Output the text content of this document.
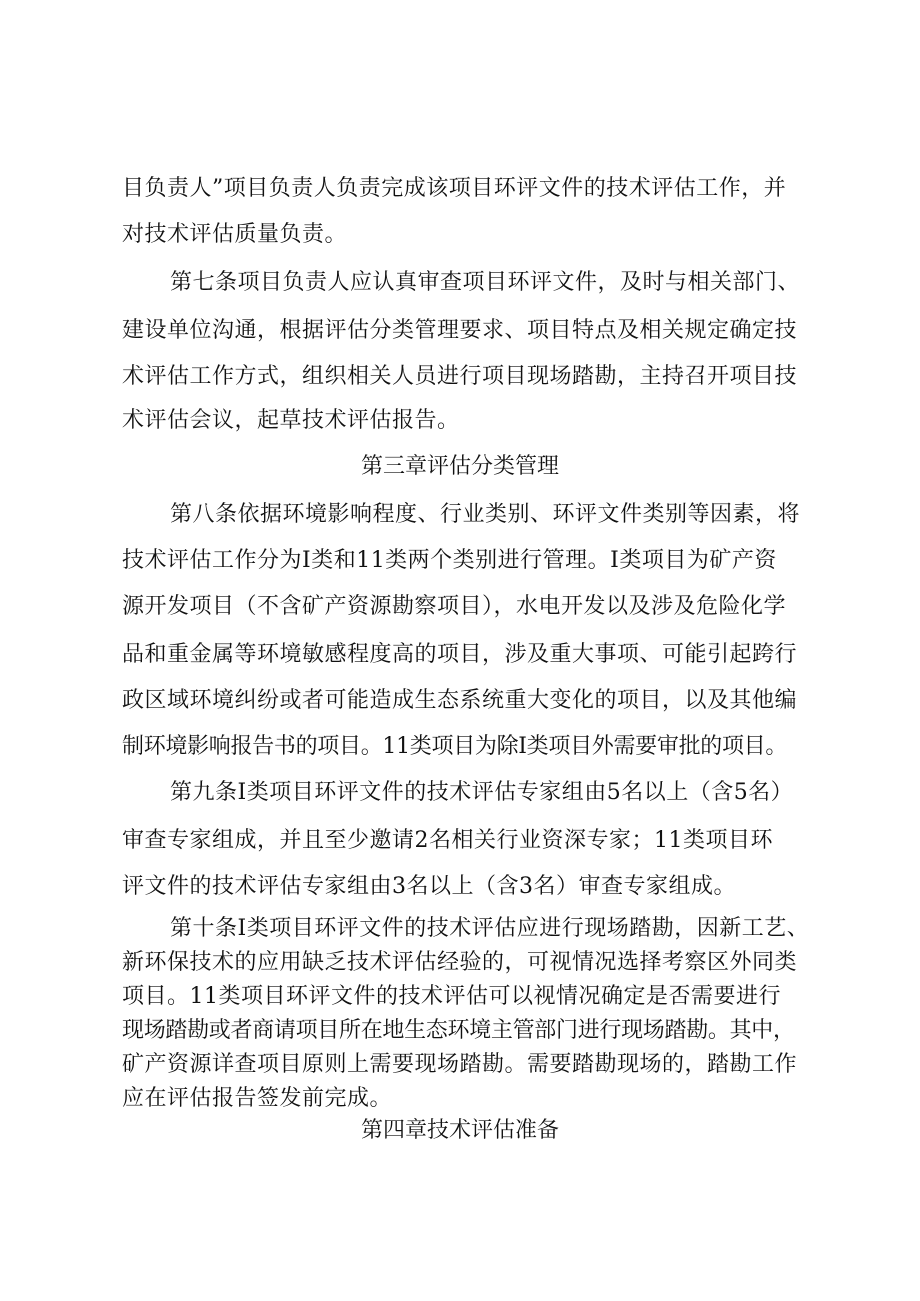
目负责人”项目负责人负责完成该项目环评文件的技术评估工作，并
对技术评估质量负责。
第七条项目负责人应认真审查项目环评文件，及时与相关部门、
建设单位沟通，根据评估分类管理要求、项目特点及相关规定确定技
术评估工作方式，组织相关人员进行项目现场踏勘，主持召开项目技
术评估会议，起草技术评估报告。
第三章评估分类管理
第八条依据环境影响程度、行业类别、环评文件类别等因素，将
技术评估工作分为I类和11类两个类别进行管理。I类项目为矿产资
源开发项目（不含矿产资源勘察项目），水电开发以及涉及危险化学
品和重金属等环境敏感程度高的项目，涉及重大事项、可能引起跨行
政区域环境纠纷或者可能造成生态系统重大变化的项目，以及其他编
制环境影响报告书的项目。11类项目为除I类项目外需要审批的项目。
第九条I类项目环评文件的技术评估专家组由5名以上（含5名）
审查专家组成，并且至少邀请2名相关行业资深专家；11类项目环
评文件的技术评估专家组由3名以上（含3名）审查专家组成。
第十条I类项目环评文件的技术评估应进行现场踏勘，因新工艺、
新环保技术的应用缺乏技术评估经验的，可视情况选择考察区外同类
项目。11类项目环评文件的技术评估可以视情况确定是否需要进行
现场踏勘或者商请项目所在地生态环境主管部门进行现场踏勘。其中，
矿产资源详查项目原则上需要现场踏勘。需要踏勘现场的，踏勘工作
应在评估报告签发前完成。
第四章技术评估准备
